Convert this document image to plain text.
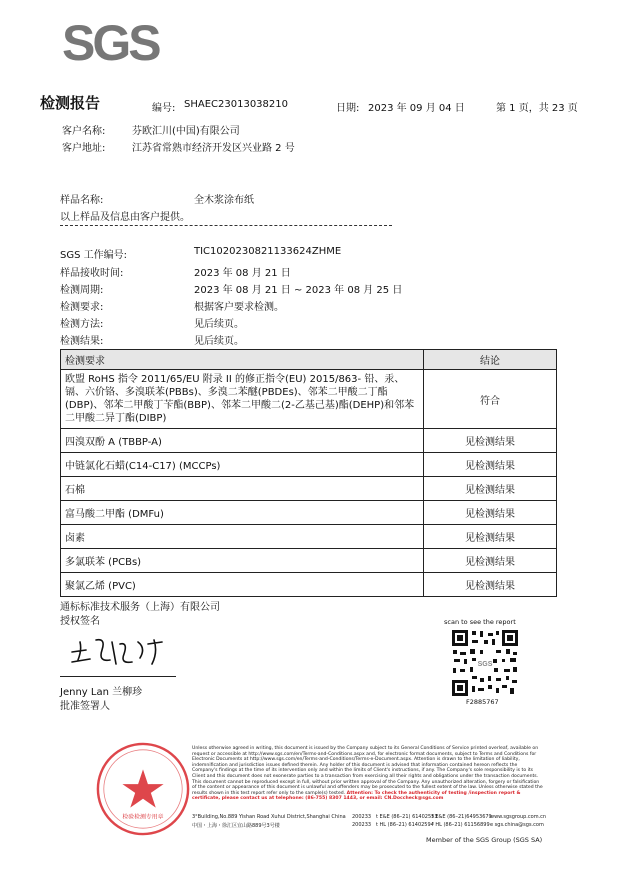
SGS
检测报告	编号: SHAEC23013038210	日期: 2023 年 09 月 04 日	第 1 页，共 23 页
客户名称:	芬欧汇川(中国)有限公司
客户地址:	江苏省常熟市经济开发区兴业路 2 号
样品名称:	全木浆涂布纸
以上样品及信息由客户提供。
SGS 工作编号:	TIC1020230821133624ZHME
样品接收时间:	2023 年 08 月 21 日
检测周期:	2023 年 08 月 21 日 ~ 2023 年 08 月 25 日
检测要求:	根据客户要求检测。
检测方法:	见后续页。
检测结果:	见后续页。
检测要求	结论
欧盟 RoHS 指令 2011/65/EU 附录 II 的修正指令(EU) 2015/863- 铅、汞、镉、六价铬、多溴联苯(PBBs)、多溴二苯醚(PBDEs)、邻苯二甲酸二丁酯 (DBP)、邻苯二甲酸丁苄酯(BBP)、邻苯二甲酸二(2-乙基己基)酯(DEHP)和邻苯二甲酸二异丁酯(DIBP)	符合
四溴双酚 A (TBBP-A)	见检测结果
中链氯化石蜡(C14-C17) (MCCPs)	见检测结果
石棉	见检测结果
富马酸二甲酯 (DMFu)	见检测结果
卤素	见检测结果
多氯联苯 (PCBs)	见检测结果
聚氯乙烯 (PVC)	见检测结果
通标标准技术服务（上海）有限公司
授权签名
Jenny Lan 兰柳珍
批准签署人
scan to see the report
SGS
F2885767
检验检测专用章
Unless otherwise agreed in writing, this document is issued by the Company subject to its General Conditions of Service printed overleaf, available on request or accessible at http://www.sgs.com/en/Terms-and-Conditions.aspx and, for electronic format documents, subject to Terms and Conditions for Electronic Documents at http://www.sgs.com/en/Terms-and-Conditions/Terms-e-Document.aspx. Attention is drawn to the limitation of liability, indemnification and jurisdiction issues defined therein. Any holder of this document is advised that information contained hereon reflects the Company's findings at the time of its intervention only and within the limits of Client's instructions, if any. The Company's sole responsibility is to its Client and this document does not exonerate parties to a transaction from exercising all their rights and obligations under the transaction documents. This document cannot be reproduced except in full, without prior written approval of the Company. Any unauthorized alteration, forgery or falsification of the content or appearance of this document is unlawful and offenders may be prosecuted to the fullest extent of the law. Unless otherwise stated the results shown in this test report refer only to the sample(s) tested. Attention: To check the authenticity of testing /inspection report & certificate, please contact us at telephone: (86-755) 8307 1443, or email: CN.Doccheck@sgs.com
3°Building,No.889 Yishan Road Xuhui District,Shanghai China
中国・上海・徐汇区宜山路889号3号楼
200233
200233
t E&E (86–21) 61402553
t HL (86–21) 61402594
f E&E (86–21)64953679
f HL (86–21) 61156899
www.sgsgroup.com.cn
e sgs.china@sgs.com
Member of the SGS Group (SGS SA)
